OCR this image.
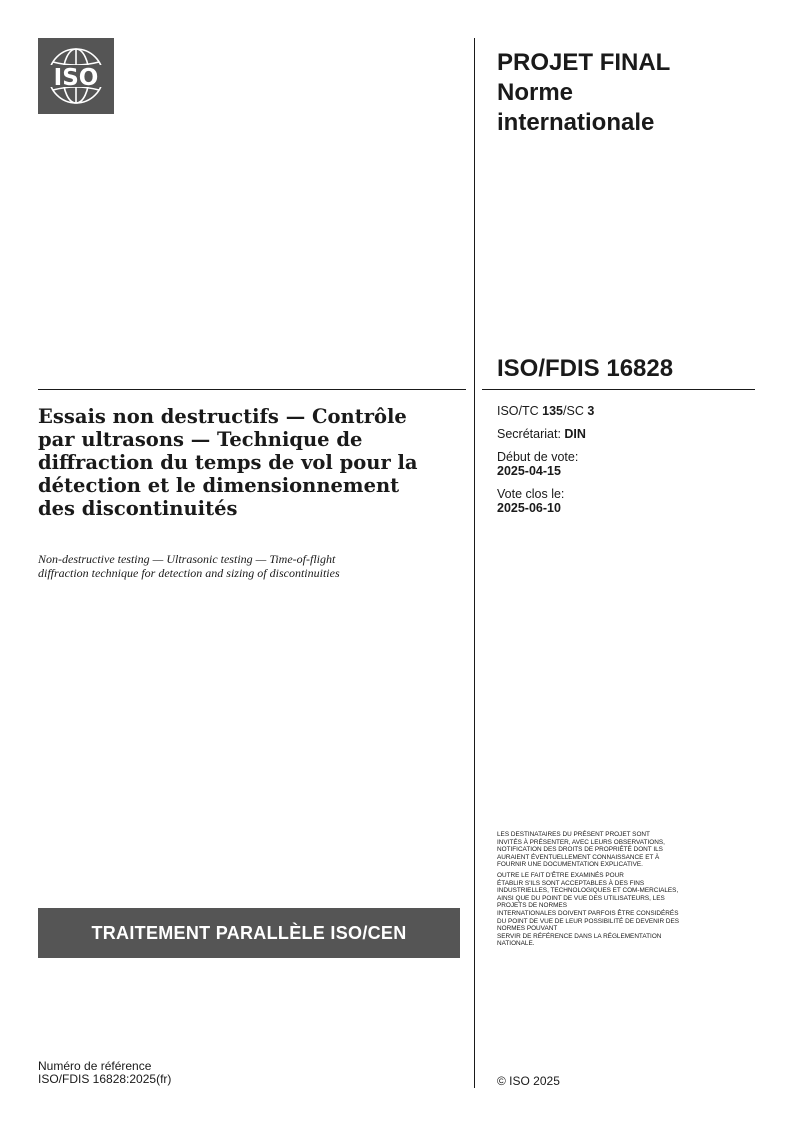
ISO

PROJET FINAL

Norme

internationale

ISO/FDIS 16828

ISO/TC 135/SC 3
Secrétariat: DIN
Début de vote:
2025-04-15
Vote clos le:
2025-06-10
Essais non destructifs — Contrôle
par ultrasons — Technique de
diffraction du temps de vol pour la
détection et le dimensionnement
des discontinuités

Non-destructive testing — Ultrasonic testing — Time-of-flight
diffraction technique for detection and sizing of discontinuities

TRAITEMENT PARALLÈLE ISO/CEN

LES DESTINATAIRES DU PRÉSENT PROJET SONT
INVITÉS À PRÉSENTER, AVEC LEURS OBSERVATIONS,
NOTIFICATION DES DROITS DE PROPRIÉTÉ DONT ILS
AURAIENT ÉVENTUELLEMENT CONNAISSANCE ET À
FOURNIR UNE DOCUMENTATION EXPLICATIVE.

OUTRE LE FAIT D'ÊTRE EXAMINÉS POUR
ÉTABLIR S'ILS SONT ACCEPTABLES À DES FINS
INDUSTRIELLES, TECHNOLOGIQUES ET COM-MERCIALES,
AINSI QUE DU POINT DE VUE DES UTILISATEURS, LES
PROJETS DE NORMES
INTERNATIONALES DOIVENT PARFOIS ÊTRE CONSIDÉRÉS
DU POINT DE VUE DE LEUR POSSIBILITÉ DE DEVENIR DES
NORMES POUVANT
SERVIR DE RÉFÉRENCE DANS LA RÉGLEMENTATION
NATIONALE.

Numéro de référence
ISO/FDIS 16828:2025(fr)	© ISO 2025
